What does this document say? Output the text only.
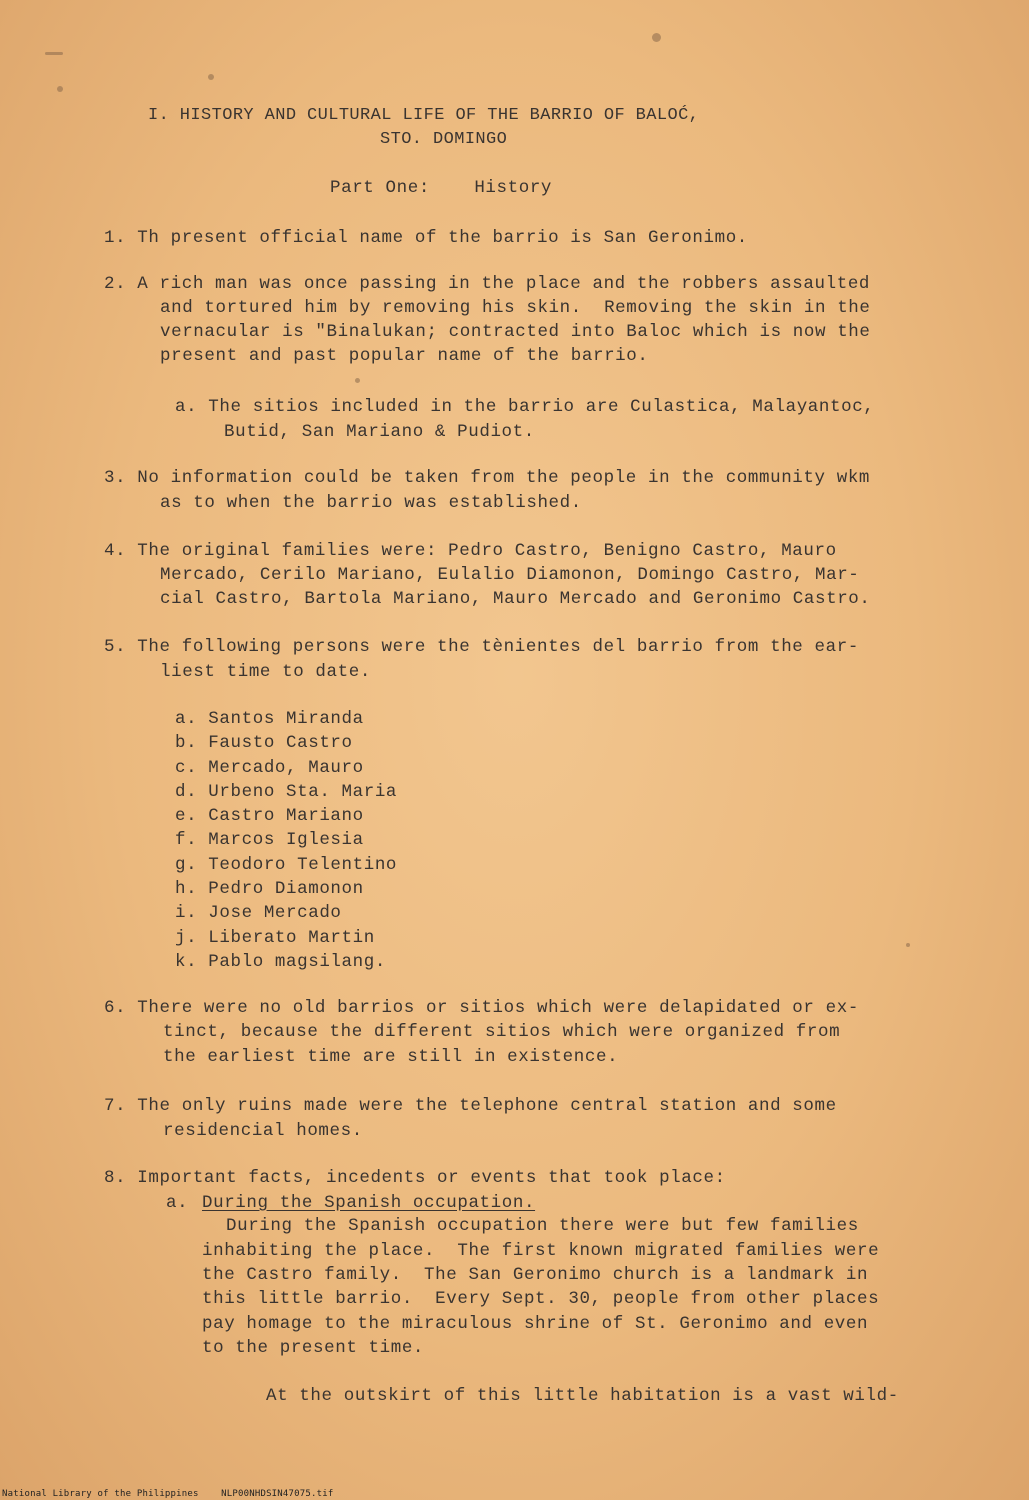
I. HISTORY AND CULTURAL LIFE OF THE BARRIO OF BALOĆ,
STO. DOMINGO
Part One:    History
1. Th present official name of the barrio is San Geronimo.
2. A rich man was once passing in the place and the robbers assaulted
and tortured him by removing his skin.  Removing the skin in the
vernacular is "Binalukan; contracted into Baloc which is now the
present and past popular name of the barrio.
a. The sitios included in the barrio are Culastica, Malayantoc,
Butid, San Mariano & Pudiot.
3. No information could be taken from the people in the community wkm
as to when the barrio was established.
4. The original families were: Pedro Castro, Benigno Castro, Mauro
Mercado, Cerilo Mariano, Eulalio Diamonon, Domingo Castro, Mar-
cial Castro, Bartola Mariano, Mauro Mercado and Geronimo Castro.
5. The following persons were the tènientes del barrio from the ear-
liest time to date.
a. Santos Miranda
b. Fausto Castro
c. Mercado, Mauro
d. Urbeno Sta. Maria
e. Castro Mariano
f. Marcos Iglesia
g. Teodoro Telentino
h. Pedro Diamonon
i. Jose Mercado
j. Liberato Martin
k. Pablo magsilang.
6. There were no old barrios or sitios which were delapidated or ex-
tinct, because the different sitios which were organized from
the earliest time are still in existence.
7. The only ruins made were the telephone central station and some
residencial homes.
8. Important facts, incedents or events that took place:
a. During the Spanish occupation.
During the Spanish occupation there were but few families
inhabiting the place.  The first known migrated families were
the Castro family.  The San Geronimo church is a landmark in
this little barrio.  Every Sept. 30, people from other places
pay homage to the miraculous shrine of St. Geronimo and even
to the present time.
At the outskirt of this little habitation is a vast wild-
National Library of the Philippines    NLP00NHDSIN47075.tif
